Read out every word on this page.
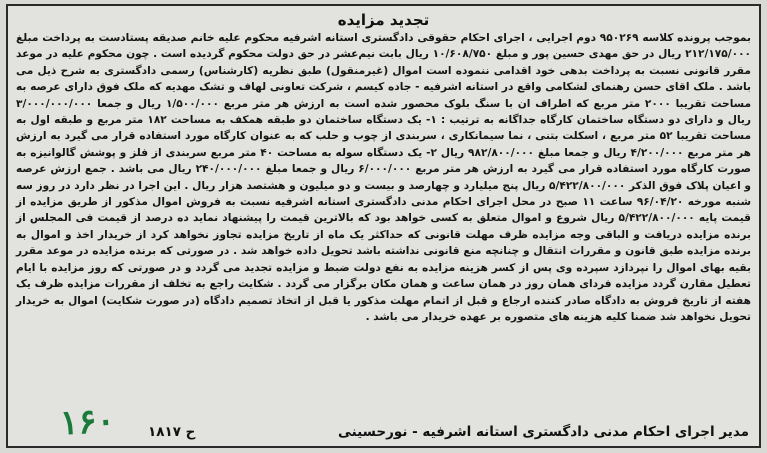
تجدید مزایده
بموجب پرونده کلاسه ۹۵۰۲۶۹ دوم اجرایی ، اجرای احکام حقوقی دادگستری استانه اشرفیه محکوم علیه خانم صدیقه پستادست به پرداخت مبلغ ۲۱۲/۱۷۵/۰۰۰ ریال در حق مهدی حسین پور و مبلغ ۱۰/۶۰۸/۷۵۰ ریال بابت نیم‌عشر در حق دولت محکوم گردیده است . چون محکوم علیه در موعد مقرر قانونی نسبت به پرداخت بدهی خود اقدامی ننموده است اموال (غیرمنقول) طبق نظریه (کارشناس) رسمی دادگستری به شرح ذیل می باشد . ملک اقای حسن رهنمای لشکامی واقع در استانه اشرفیه - جاده کیسم ، شرکت تعاونی لهاف و تشک مهدیه که ملک فوق دارای عرصه به مساحت تقریبا ۲۰۰۰ متر مربع که اطراف ان با سنگ بلوک محصور شده است به ارزش هر متر مربع ۱/۵۰۰/۰۰۰ ریال و جمعا ۳/۰۰۰/۰۰۰/۰۰۰ ریال و دارای دو دستگاه ساختمان کارگاه جداگانه به ترتیب : ۱- یک دستگاه ساختمان دو طبقه همکف به مساحت ۱۸۲ متر مربع و طبقه اول به مساحت تقریبا ۵۲ متر مربع ، اسکلت بتنی ، نما سیمانکاری ، سربندی از چوب و حلب که به عنوان کارگاه مورد استفاده قرار می گیرد به ارزش هر متر مربع ۴/۲۰۰/۰۰۰ ریال و جمعا مبلغ ۹۸۲/۸۰۰/۰۰۰ ریال ۲- یک دستگاه سوله به مساحت ۴۰ متر مربع سربندی از فلز و پوشش گالوانیزه به صورت کارگاه مورد استفاده قرار می گیرد به ارزش هر متر مربع ۶/۰۰۰/۰۰۰ ریال و جمعا مبلغ ۲۴۰/۰۰۰/۰۰۰ ریال می باشد . جمع ارزش عرصه و اعیان پلاک فوق الذکر ۵/۴۲۲/۸۰۰/۰۰۰ ریال پنج میلیارد و چهارصد و بیست و دو میلیون و هشتصد هزار ریال . این اجرا در نظر دارد در روز سه شنبه مورخه ۹۶/۰۴/۲۰ ساعت ۱۱ صبح در محل اجرای احکام مدنی دادگستری استانه اشرفیه نسبت به فروش اموال مذکور از طریق مزایده از قیمت پایه ۵/۴۲۲/۸۰۰/۰۰۰ ریال شروع و اموال متعلق به کسی خواهد بود که بالاترین قیمت را پیشنهاد نماید ده درصد از قیمت فی المجلس از برنده مزایده دریافت و الباقی وجه مزایده ظرف مهلت قانونی که حداکثر یک ماه از تاریخ مزایده تجاوز نخواهد کرد از خریدار اخذ و اموال به برنده مزایده طبق قانون و مقررات انتقال و چنانچه منع قانونی نداشته باشد تحویل داده خواهد شد . در صورتی که برنده مزایده در موعد مقرر بقیه بهای اموال را نپردازد سپرده وی پس از کسر هزینه مزایده به نفع دولت ضبط و مزایده تجدید می گردد و در صورتی که روز مزایده با ایام تعطیل مقارن گردد مزایده فردای همان روز در همان ساعت و همان مکان برگزار می گردد . شکایت راجع به تخلف از مقررات مزایده ظرف یک هفته از تاریخ فروش به دادگاه صادر کننده ارجاع و قبل از اتمام مهلت مذکور یا قبل از اتخاذ تصمیم دادگاه (در صورت شکایت) اموال به خریدار تحویل نخواهد شد ضمنا کلیه هزینه های متصوره بر عهده خریدار می باشد .
مدیر اجرای احکام مدنی دادگستری استانه اشرفیه - نورحسینی
ح ۱۸۱۷
۱۶۰
